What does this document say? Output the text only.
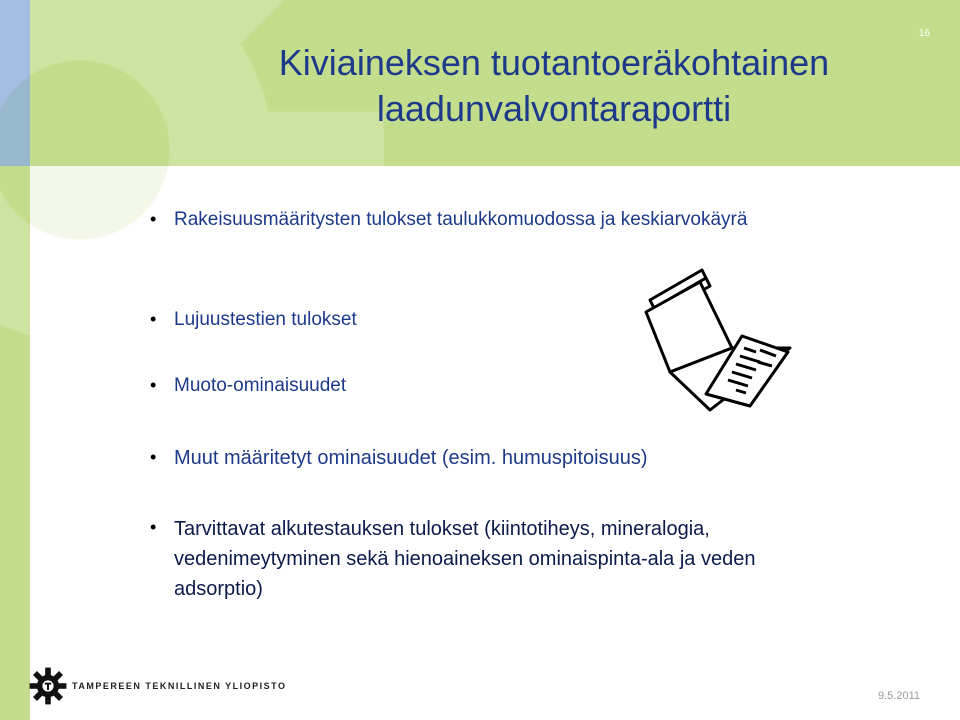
16
Kiviaineksen tuotantoeräkohtainen laadunvalvontaraportti
• Rakeisuusmääritysten tulokset taulukkomuodossa ja keskiarvokäyrä
• Lujuustestien tulokset
• Muoto-ominaisuudet
• Muut määritetyt ominaisuudet (esim. humuspitoisuus)
• Tarvittavat alkutestauksen tulokset (kiintotiheys, mineralogia, vedenimeytyminen sekä hienoaineksen ominaispinta-ala ja veden adsorptio)
TAMPEREEN TEKNILLINEN YLIOPISTO
9.5.2011
